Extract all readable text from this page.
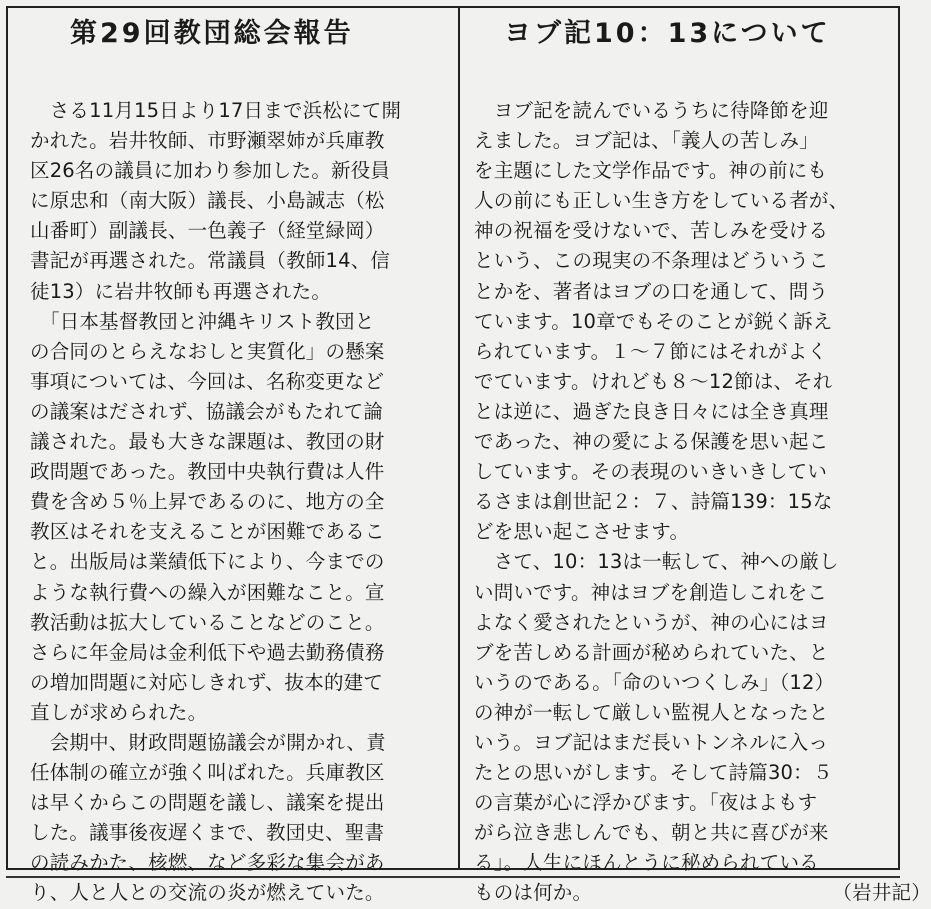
第29回教団総会報告
　さる11月15日より17日まで浜松にて開
かれた。岩井牧師、市野瀬翠姉が兵庫教
区26名の議員に加わり参加した。新役員
に原忠和（南大阪）議長、小島誠志（松
山番町）副議長、一色義子（経堂緑岡）
書記が再選された。常議員（教師14、信
徒13）に岩井牧師も再選された。
　「日本基督教団と沖縄キリスト教団と
の合同のとらえなおしと実質化」の懸案
事項については、今回は、名称変更など
の議案はだされず、協議会がもたれて論
議された。最も大きな課題は、教団の財
政問題であった。教団中央執行費は人件
費を含め５％上昇であるのに、地方の全
教区はそれを支えることが困難であるこ
と。出版局は業績低下により、今までの
ような執行費への繰入が困難なこと。宣
教活動は拡大していることなどのこと。
さらに年金局は金利低下や過去勤務債務
の増加問題に対応しきれず、抜本的建て
直しが求められた。
　会期中、財政問題協議会が開かれ、責
任体制の確立が強く叫ばれた。兵庫教区
は早くからこの問題を議し、議案を提出
した。議事後夜遅くまで、教団史、聖書
の読みかた、核燃、など多彩な集会があ
り、人と人との交流の炎が燃えていた。
ヨブ記10：13について
　ヨブ記を読んでいるうちに待降節を迎
えました。ヨブ記は、「義人の苦しみ」
を主題にした文学作品です。神の前にも
人の前にも正しい生き方をしている者が、
神の祝福を受けないで、苦しみを受ける
という、この現実の不条理はどういうこ
とかを、著者はヨブの口を通して、問う
ています。10章でもそのことが鋭く訴え
られています。１〜７節にはそれがよく
でています。けれども８〜12節は、それ
とは逆に、過ぎた良き日々には全き真理
であった、神の愛による保護を思い起こ
しています。その表現のいきいきしてい
るさまは創世記２：７、詩篇139：15な
どを思い起こさせます。
　さて、10：13は一転して、神への厳し
い問いです。神はヨブを創造しこれをこ
よなく愛されたというが、神の心にはヨ
ブを苦しめる計画が秘められていた、と
いうのである。「命のいつくしみ」（12）
の神が一転して厳しい監視人となったと
いう。ヨブ記はまだ長いトンネルに入っ
たとの思いがします。そして詩篇30：５
の言葉が心に浮かびます。「夜はよもす
がら泣き悲しんでも、朝と共に喜びが来
る」。人生にほんとうに秘められている
ものは何か。	（岩井記）
